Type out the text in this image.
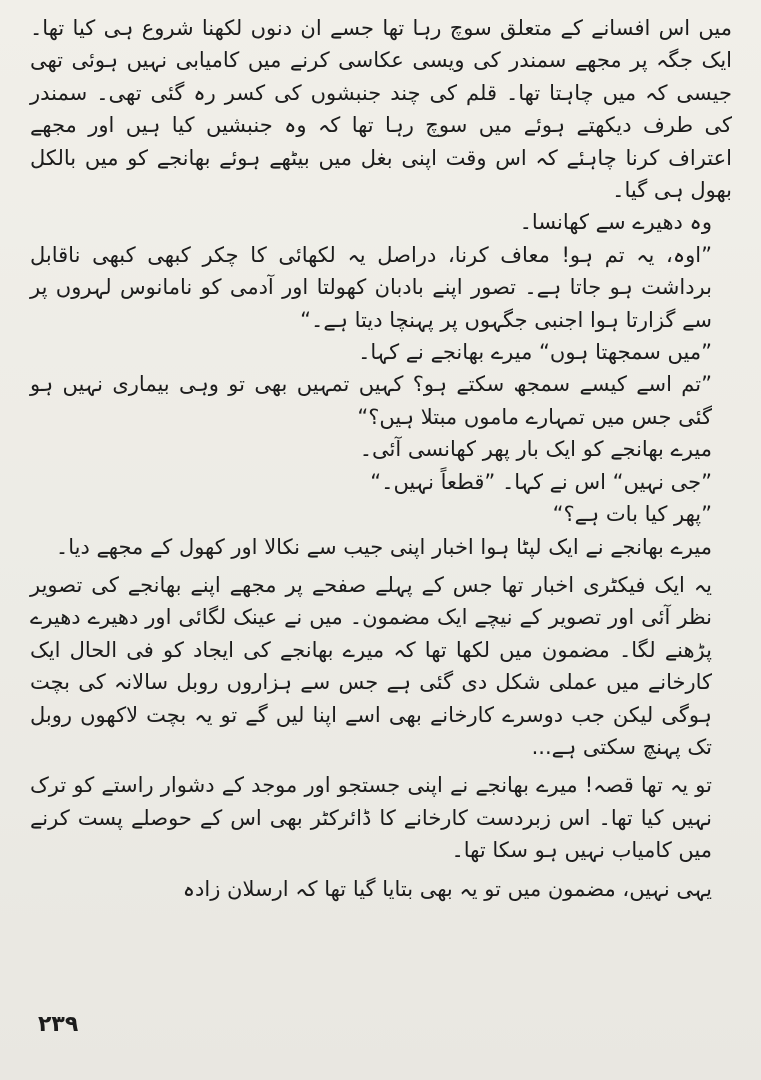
میں اس افسانے کے متعلق سوچ رہا تھا جسے ان دنوں لکھنا شروع ہی کیا تھا۔ ایک جگہ پر مجھے سمندر کی ویسی عکاسی کرنے میں کامیابی نہیں ہوئی تھی جیسی کہ میں چاہتا تھا۔ قلم کی چند جنبشوں کی کسر رہ گئی تھی۔ سمندر کی طرف دیکھتے ہوئے میں سوچ رہا تھا کہ وہ جنبشیں کیا ہیں اور مجھے اعتراف کرنا چاہئے کہ اس وقت اپنی بغل میں بیٹھے ہوئے بھانجے کو میں بالکل بھول ہی گیا۔

وہ دھیرے سے کھانسا۔

”اوہ، یہ تم ہو! معاف کرنا، دراصل یہ لکھائی کا چکر کبھی کبھی ناقابل برداشت ہو جاتا ہے۔ تصور اپنے بادبان کھولتا اور آدمی کو نامانوس لہروں پر سے گزارتا ہوا اجنبی جگہوں پر پہنچا دیتا ہے۔“

”میں سمجھتا ہوں“ میرے بھانجے نے کہا۔

”تم اسے کیسے سمجھ سکتے ہو؟ کہیں تمہیں بھی تو وہی بیماری نہیں ہو گئی جس میں تمہارے ماموں مبتلا ہیں؟“

میرے بھانجے کو ایک بار پھر کھانسی آئی۔

”جی نہیں“ اس نے کہا۔ ”قطعاً نہیں۔“

”پھر کیا بات ہے؟“

میرے بھانجے نے ایک لپٹا ہوا اخبار اپنی جیب سے نکالا اور کھول کے مجھے دیا۔

یہ ایک فیکٹری اخبار تھا جس کے پہلے صفحے پر مجھے اپنے بھانجے کی تصویر نظر آئی اور تصویر کے نیچے ایک مضمون۔ میں نے عینک لگائی اور دھیرے دھیرے پڑھنے لگا۔ مضمون میں لکھا تھا کہ میرے بھانجے کی ایجاد کو فی الحال ایک کارخانے میں عملی شکل دی گئی ہے جس سے ہزاروں روبل سالانہ کی بچت ہوگی لیکن جب دوسرے کارخانے بھی اسے اپنا لیں گے تو یہ بچت لاکھوں روبل تک پہنچ سکتی ہے...

تو یہ تھا قصہ! میرے بھانجے نے اپنی جستجو اور موجد کے دشوار راستے کو ترک نہیں کیا تھا۔ اس زبردست کارخانے کا ڈائرکٹر بھی اس کے حوصلے پست کرنے میں کامیاب نہیں ہو سکا تھا۔

یہی نہیں، مضمون میں تو یہ بھی بتایا گیا تھا کہ ارسلان زادہ

۲۳۹
